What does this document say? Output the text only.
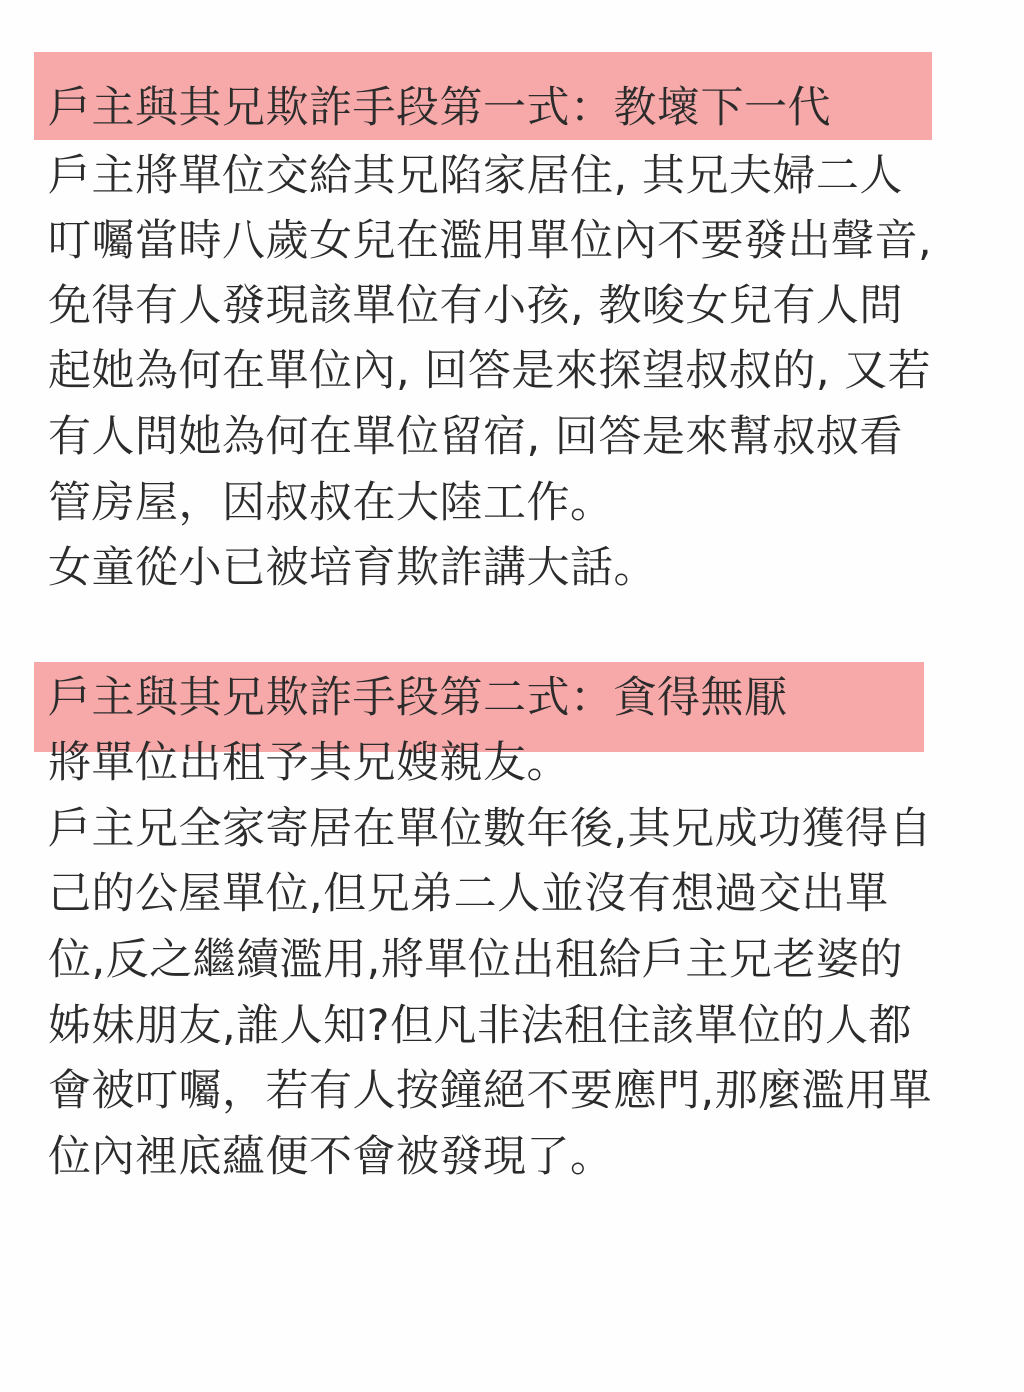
戶主與其兄欺詐手段第一式：教壞下一代
戶主將單位交給其兄陷家居住, 其兄夫婦二人
叮囑當時八歲女兒在濫用單位內不要發出聲音,
免得有人發現該單位有小孩, 教唆女兒有人問
起她為何在單位內, 回答是來探望叔叔的, 又若
有人問她為何在單位留宿, 回答是來幫叔叔看
管房屋，因叔叔在大陸工作。
女童從小已被培育欺詐講大話。
戶主與其兄欺詐手段第二式：貪得無厭
將單位出租予其兄嫂親友。
戶主兄全家寄居在單位數年後,其兄成功獲得自
己的公屋單位,但兄弟二人並沒有想過交出單
位,反之繼續濫用,將單位出租給戶主兄老婆的
姊妹朋友,誰人知?但凡非法租住該單位的人都
會被叮囑，若有人按鐘絕不要應門,那麼濫用單
位內裡底蘊便不會被發現了。
